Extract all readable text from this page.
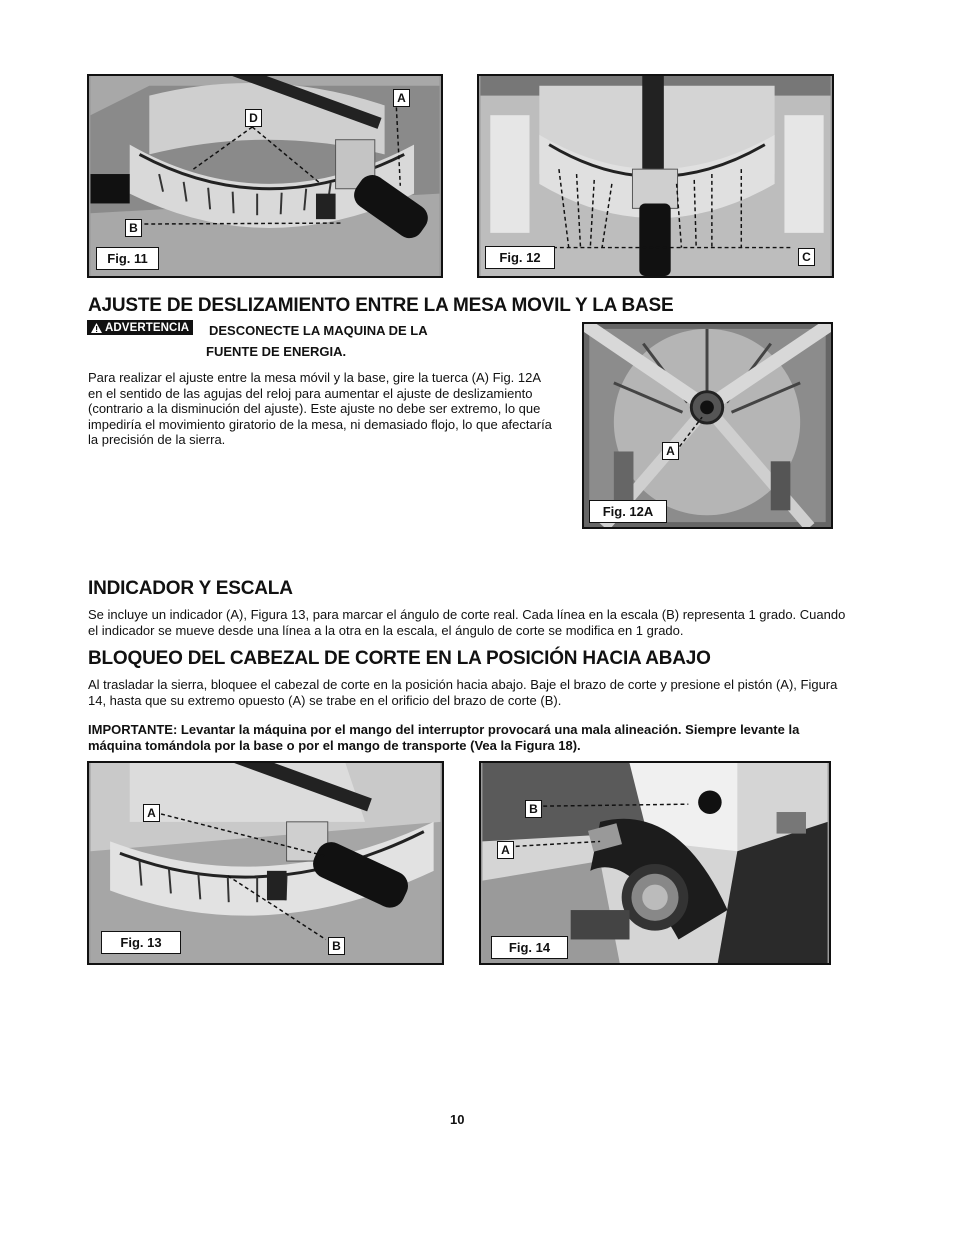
D
A
B
Fig. 11	C
Fig. 12
AJUSTE DE DESLIZAMIENTO ENTRE LA MESA MOVIL Y LA BASE
ADVERTENCIA DESCONECTE LA MAQUINA DE LA
FUENTE DE ENERGIA.

Para realizar el ajuste entre la mesa móvil y la base, gire la tuerca (A) Fig. 12A en el sentido de las agujas del reloj para aumentar el ajuste de deslizamiento (contrario a la disminución del ajuste). Este ajuste no debe ser extremo, lo que impediría el movimiento giratorio de la mesa, ni demasiado flojo, lo que afectaría la precisión de la sierra.

A
Fig. 12A
INDICADOR Y ESCALA

Se incluye un indicador (A), Figura 13, para marcar el ángulo de corte real. Cada línea en la escala (B) representa 1 grado. Cuando el indicador se mueve desde una línea a la otra en la escala, el ángulo de corte se modifica en 1 grado.

BLOQUEO DEL CABEZAL DE CORTE EN LA POSICIÓN HACIA ABAJO

Al trasladar la sierra, bloquee el cabezal de corte en la posición hacia abajo. Baje el brazo de corte y presione el pistón (A), Figura 14, hasta que su extremo opuesto (A) se trabe en el orificio del brazo de corte (B).

IMPORTANTE: Levantar la máquina por el mango del interruptor provocará una mala alineación. Siempre levante la máquina tomándola por la base o por el mango de transporte (Vea la Figura 18).

A
B
Fig. 13
B
A
Fig. 14
10
